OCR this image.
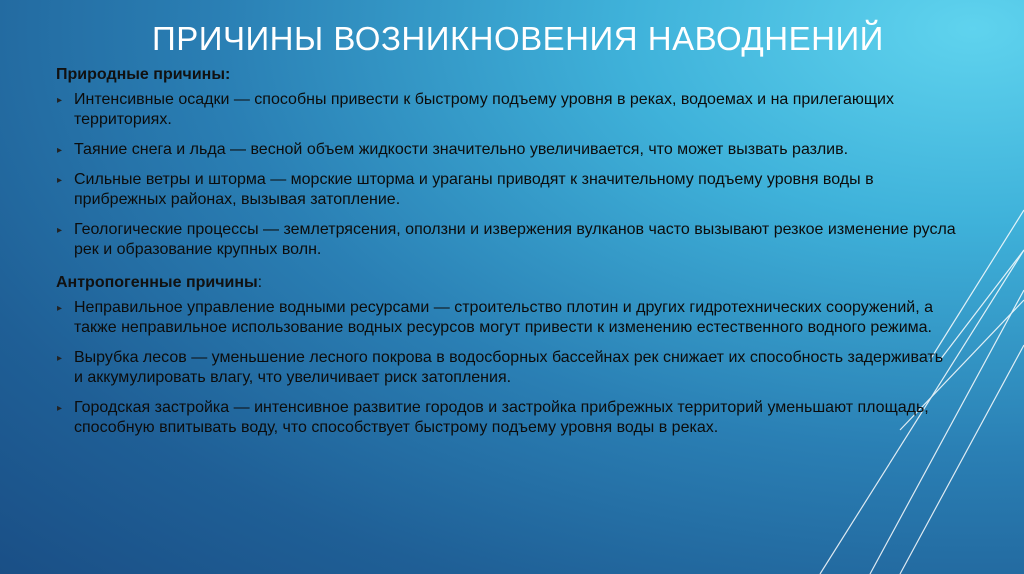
ПРИЧИНЫ ВОЗНИКНОВЕНИЯ НАВОДНЕНИЙ
Природные причины:
▸ Интенсивные осадки — способны привести к быстрому подъему уровня в реках, водоемах и на прилегающих территориях.
▸ Таяние снега и льда — весной объем жидкости значительно увеличивается, что может вызвать разлив.
▸ Сильные ветры и шторма — морские шторма и ураганы приводят к значительному подъему уровня воды в прибрежных районах, вызывая затопление.
▸ Геологические процессы — землетрясения, оползни и извержения вулканов часто вызывают резкое изменение русла рек и образование крупных волн.
Антропогенные причины:
▸ Неправильное управление водными ресурсами — строительство плотин и других гидротехнических сооружений, а также неправильное использование водных ресурсов могут привести к изменению естественного водного режима.
▸ Вырубка лесов — уменьшение лесного покрова в водосборных бассейнах рек снижает их способность задерживать и аккумулировать влагу, что увеличивает риск затопления.
▸ Городская застройка — интенсивное развитие городов и застройка прибрежных территорий уменьшают площадь, способную впитывать воду, что способствует быстрому подъему уровня воды в реках.
